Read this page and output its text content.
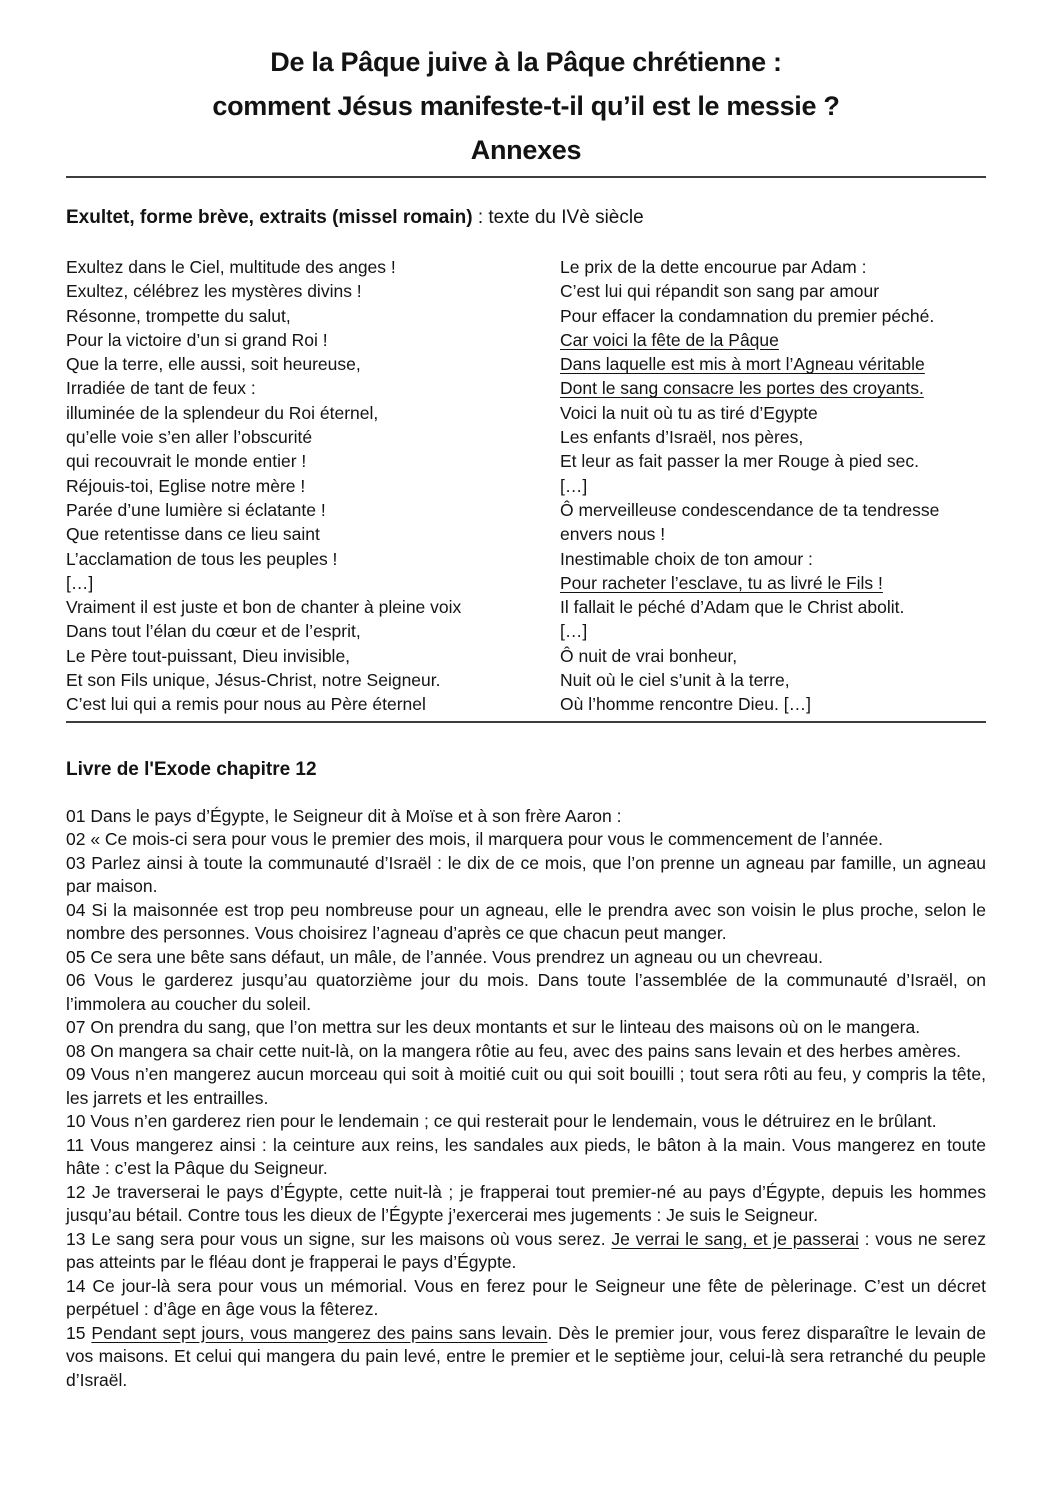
De la Pâque juive à la Pâque chrétienne :
comment Jésus manifeste-t-il qu’il est le messie ?
Annexes
Exultet, forme brève, extraits (missel romain) : texte du IVè siècle
Exultez dans le Ciel, multitude des anges !
Exultez, célébrez les mystères divins !
Résonne, trompette du salut,
Pour la victoire d’un si grand Roi !
Que la terre, elle aussi, soit heureuse,
Irradiée de tant de feux :
illuminée de la splendeur du Roi éternel,
qu’elle voie s’en aller l’obscurité
qui recouvrait le monde entier !
Réjouis-toi, Eglise notre mère !
Parée d’une lumière si éclatante !
Que retentisse dans ce lieu saint
L’acclamation de tous les peuples !
[…]
Vraiment il est juste et bon de chanter à pleine voix
Dans tout l’élan du cœur et de l’esprit,
Le Père tout-puissant, Dieu invisible,
Et son Fils unique, Jésus-Christ, notre Seigneur.
C’est lui qui a remis pour nous au Père éternel
Le prix de la dette encourue par Adam :
C’est lui qui répandit son sang par amour
Pour effacer la condamnation du premier péché.
Car voici la fête de la Pâque
Dans laquelle est mis à mort l’Agneau véritable
Dont le sang consacre les portes des croyants.
Voici la nuit où tu as tiré d’Egypte
Les enfants d’Israël, nos pères,
Et leur as fait passer la mer Rouge à pied sec.
[…]
Ô merveilleuse condescendance de ta tendresse
envers nous !
Inestimable choix de ton amour :
Pour racheter l’esclave, tu as livré le Fils !
Il fallait le péché d’Adam que le Christ abolit.
[…]
Ô nuit de vrai bonheur,
Nuit où le ciel s’unit à la terre,
Où l’homme rencontre Dieu. […]
Livre de l'Exode chapitre 12

01 Dans le pays d’Égypte, le Seigneur dit à Moïse et à son frère Aaron :

02 « Ce mois-ci sera pour vous le premier des mois, il marquera pour vous le commencement de l’année.

03 Parlez ainsi à toute la communauté d’Israël : le dix de ce mois, que l’on prenne un agneau par famille, un agneau par maison.

04 Si la maisonnée est trop peu nombreuse pour un agneau, elle le prendra avec son voisin le plus proche, selon le nombre des personnes. Vous choisirez l’agneau d’après ce que chacun peut manger.

05 Ce sera une bête sans défaut, un mâle, de l’année. Vous prendrez un agneau ou un chevreau.

06 Vous le garderez jusqu’au quatorzième jour du mois. Dans toute l’assemblée de la communauté d’Israël, on l’immolera au coucher du soleil.

07 On prendra du sang, que l’on mettra sur les deux montants et sur le linteau des maisons où on le mangera.

08 On mangera sa chair cette nuit-là, on la mangera rôtie au feu, avec des pains sans levain et des herbes amères.

09 Vous n’en mangerez aucun morceau qui soit à moitié cuit ou qui soit bouilli ; tout sera rôti au feu, y compris la tête, les jarrets et les entrailles.

10 Vous n’en garderez rien pour le lendemain ; ce qui resterait pour le lendemain, vous le détruirez en le brûlant.

11 Vous mangerez ainsi : la ceinture aux reins, les sandales aux pieds, le bâton à la main. Vous mangerez en toute hâte : c’est la Pâque du Seigneur.

12 Je traverserai le pays d’Égypte, cette nuit-là ; je frapperai tout premier-né au pays d’Égypte, depuis les hommes jusqu’au bétail. Contre tous les dieux de l’Égypte j’exercerai mes jugements : Je suis le Seigneur.

13 Le sang sera pour vous un signe, sur les maisons où vous serez. Je verrai le sang, et je passerai : vous ne serez pas atteints par le fléau dont je frapperai le pays d’Égypte.

14 Ce jour-là sera pour vous un mémorial. Vous en ferez pour le Seigneur une fête de pèlerinage. C’est un décret perpétuel : d’âge en âge vous la fêterez.

15 Pendant sept jours, vous mangerez des pains sans levain. Dès le premier jour, vous ferez disparaître le levain de vos maisons. Et celui qui mangera du pain levé, entre le premier et le septième jour, celui-là sera retranché du peuple d’Israël.
